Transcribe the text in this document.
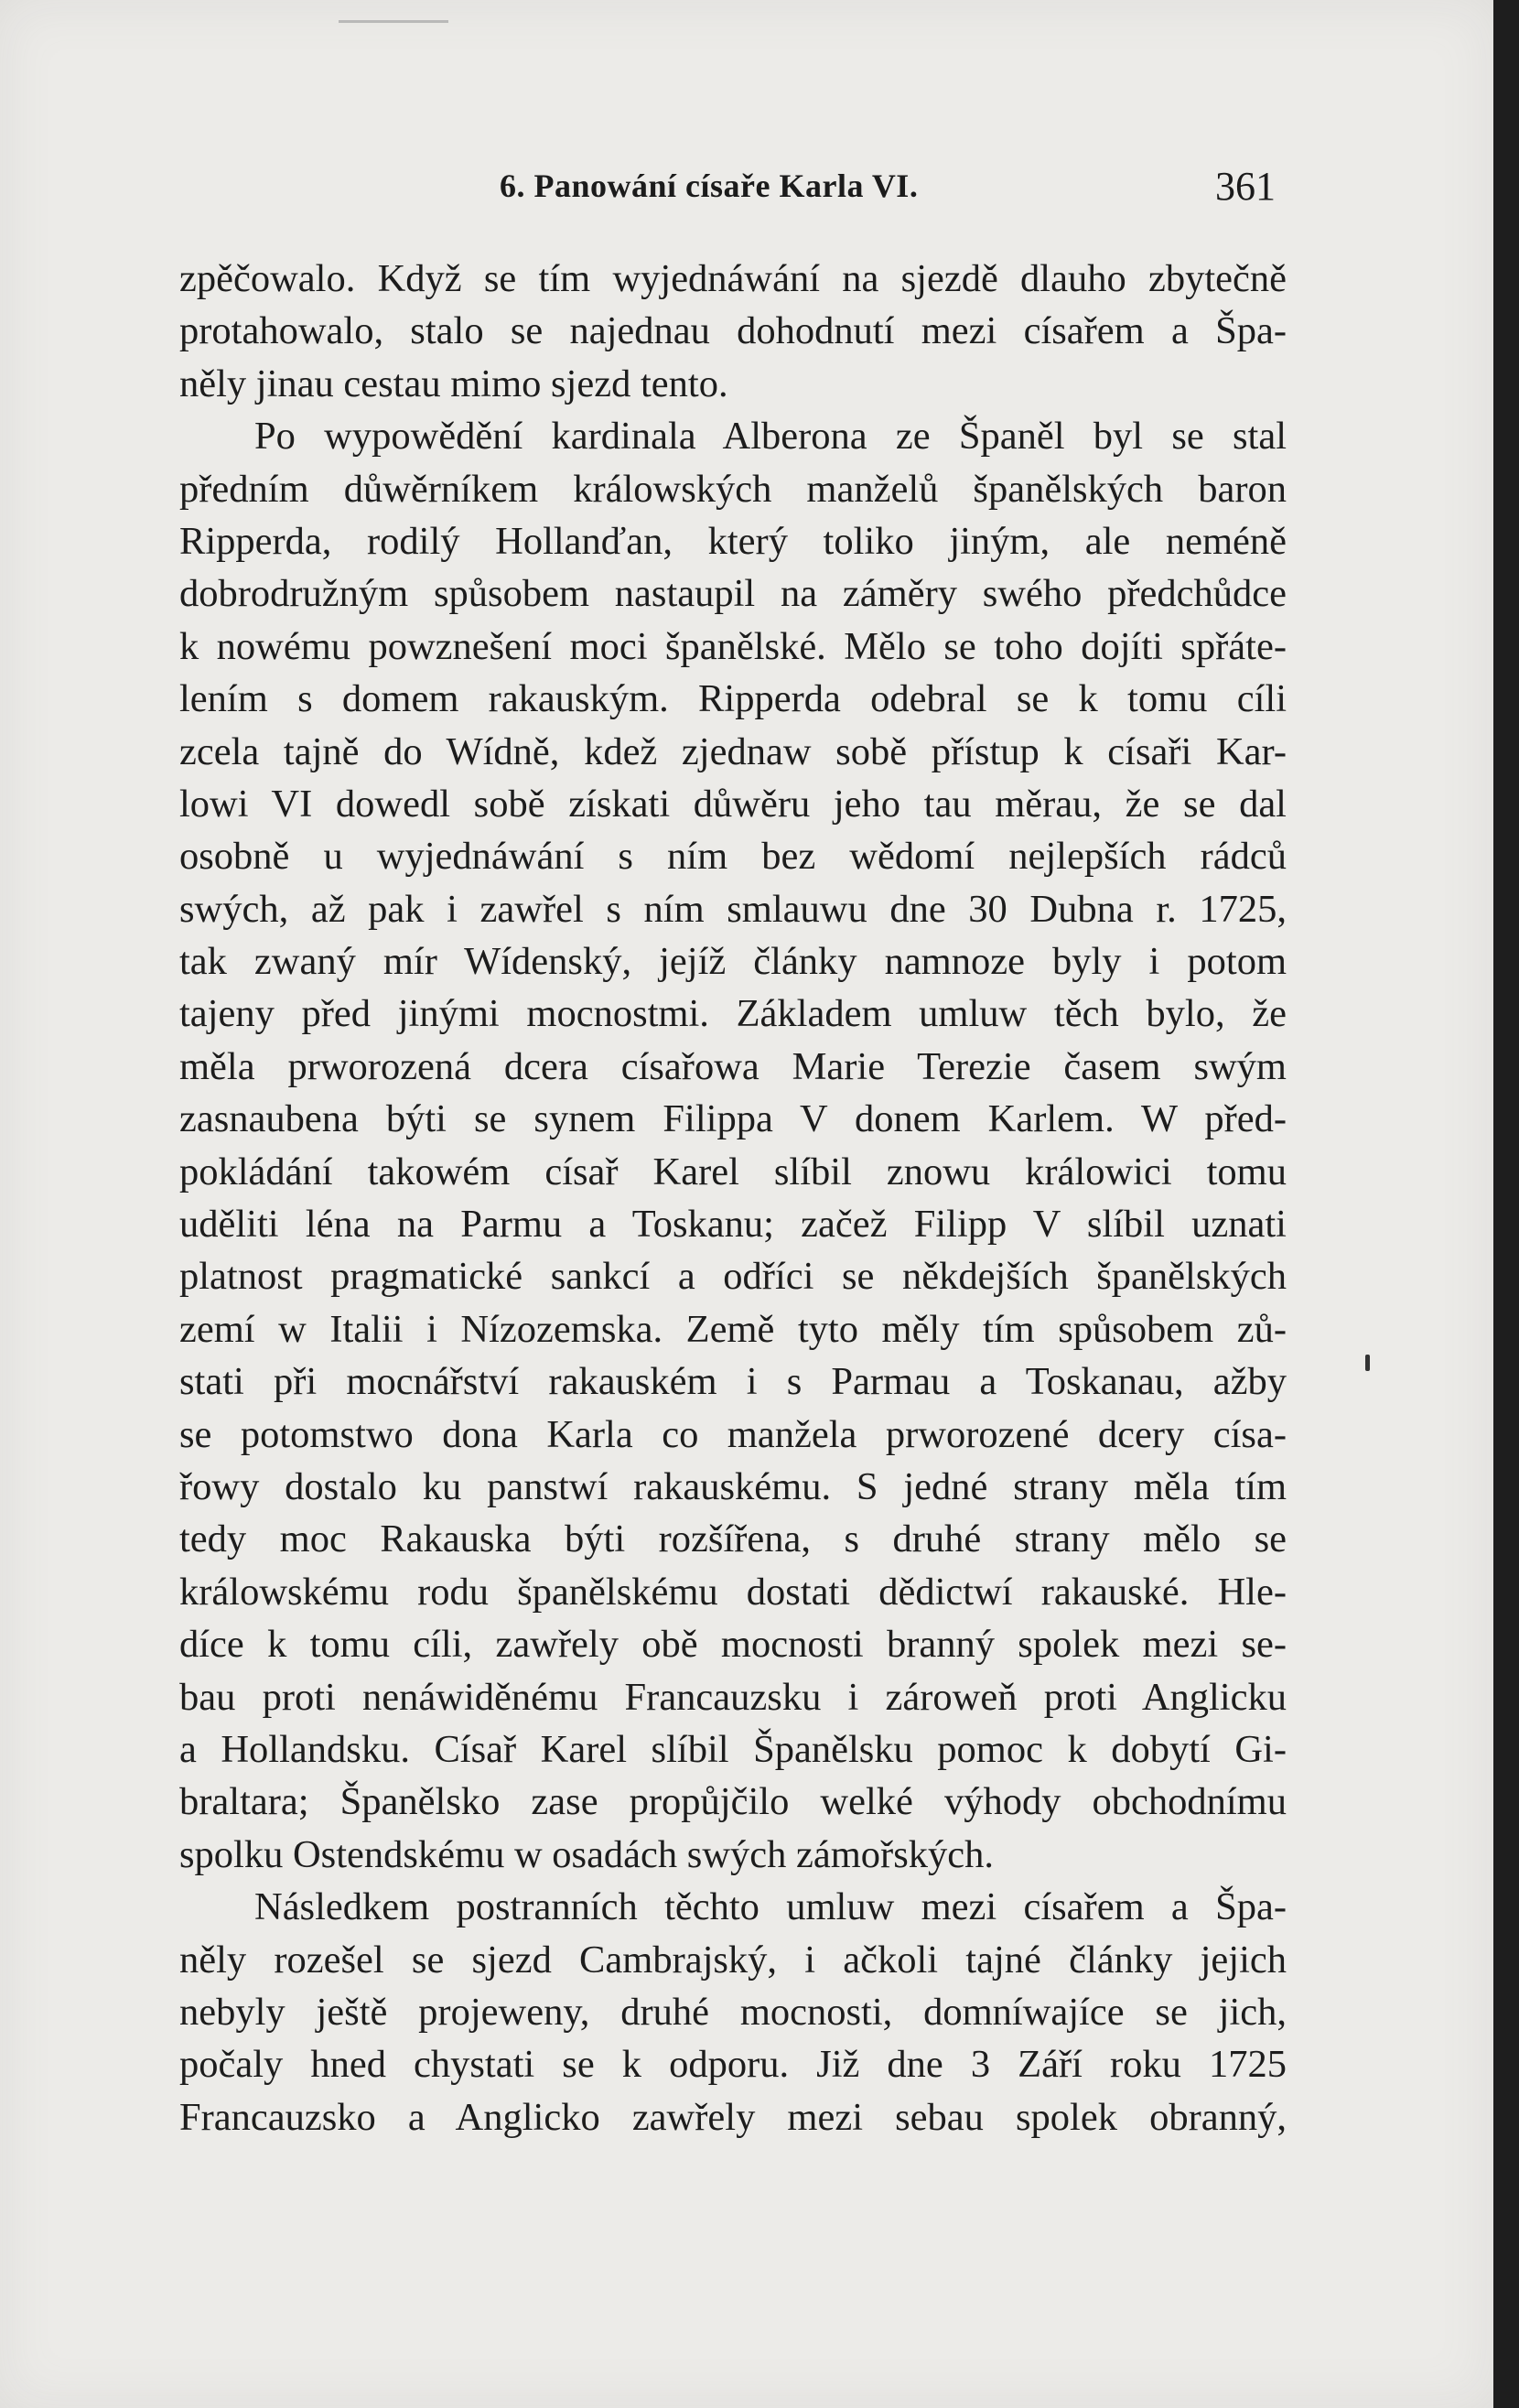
6. Panowání císaře Karla VI.	361
zpěčowalo. Když se tím wyjednáwání na sjezdě dlauho zbytečně
protahowalo, stalo se najednau dohodnutí mezi císařem a Špa-
něly jinau cestau mimo sjezd tento.
Po wypowědění kardinala Alberona ze Španěl byl se stal
předním důwěrníkem králowských manželů španělských baron
Ripperda, rodilý Hollanďan, který toliko jiným, ale neméně
dobrodružným spůsobem nastaupil na záměry swého předchůdce
k nowému powznešení moci španělské. Mělo se toho dojíti spřáte-
lením s domem rakauským. Ripperda odebral se k tomu cíli
zcela tajně do Wídně, kdež zjednaw sobě přístup k císaři Kar-
lowi VI dowedl sobě získati důwěru jeho tau měrau, že se dal
osobně u wyjednáwání s ním bez wědomí nejlepších rádců
swých, až pak i zawřel s ním smlauwu dne 30 Dubna r. 1725,
tak zwaný mír Wídenský, jejíž články namnoze byly i potom
tajeny před jinými mocnostmi. Základem umluw těch bylo, že
měla prworozená dcera císařowa Marie Terezie časem swým
zasnaubena býti se synem Filippa V donem Karlem. W před-
pokládání takowém císař Karel slíbil znowu králowici tomu
uděliti léna na Parmu a Toskanu; začež Filipp V slíbil uznati
platnost pragmatické sankcí a odříci se někdejších španělských
zemí w Italii i Nízozemska. Země tyto měly tím spůsobem zů-
stati při mocnářství rakauském i s Parmau a Toskanau, ažby
se potomstwo dona Karla co manžela prworozené dcery císa-
řowy dostalo ku panstwí rakauskému. S jedné strany měla tím
tedy moc Rakauska býti rozšířena, s druhé strany mělo se
králowskému rodu španělskému dostati dědictwí rakauské. Hle-
díce k tomu cíli, zawřely obě mocnosti branný spolek mezi se-
bau proti nenáwiděnému Francauzsku i zároweň proti Anglicku
a Hollandsku. Císař Karel slíbil Španělsku pomoc k dobytí Gi-
braltara; Španělsko zase propůjčilo welké výhody obchodnímu
spolku Ostendskému w osadách swých zámořských.
Následkem postranních těchto umluw mezi císařem a Špa-
něly rozešel se sjezd Cambrajský, i ačkoli tajné články jejich
nebyly ještě projeweny, druhé mocnosti, domníwajíce se jich,
počaly hned chystati se k odporu. Již dne 3 Září roku 1725
Francauzsko a Anglicko zawřely mezi sebau spolek obranný,
